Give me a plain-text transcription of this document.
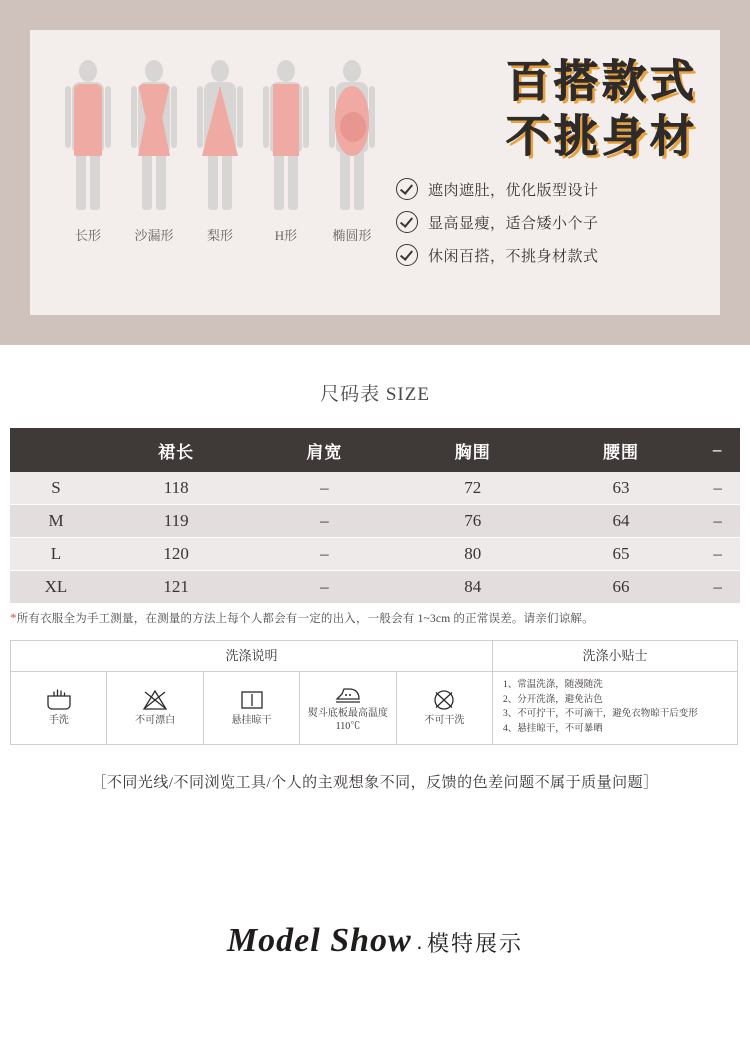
长形	沙漏形	梨形	H形	椭圆形
百搭款式
不挑身材
遮肉遮肚，优化版型设计
显高显瘦，适合矮小个子
休闲百搭，不挑身材款式
尺码表 SIZE
	裙长	肩宽	胸围	腰围	–
S	118	–	72	63	–
M	119	–	76	64	–
L	120	–	80	65	–
XL	121	–	84	66	–
*所有衣服全为手工测量，在测量的方法上每个人都会有一定的出入，一般会有 1~3cm 的正常误差。请亲们谅解。
洗涤说明
手洗	不可漂白	悬挂晾干
熨斗底板最高温度110℃	不可干洗
洗涤小贴士
1、常温洗涤，随漫随洗
2、分开洗涤，避免沾色
3、不可拧干，不可滴干，避免衣物晾干后变形
4、悬挂晾干，不可暴晒
［不同光线/不同浏览工具/个人的主观想象不同，反馈的色差问题不属于质量问题］
Model Show · 模特展示
